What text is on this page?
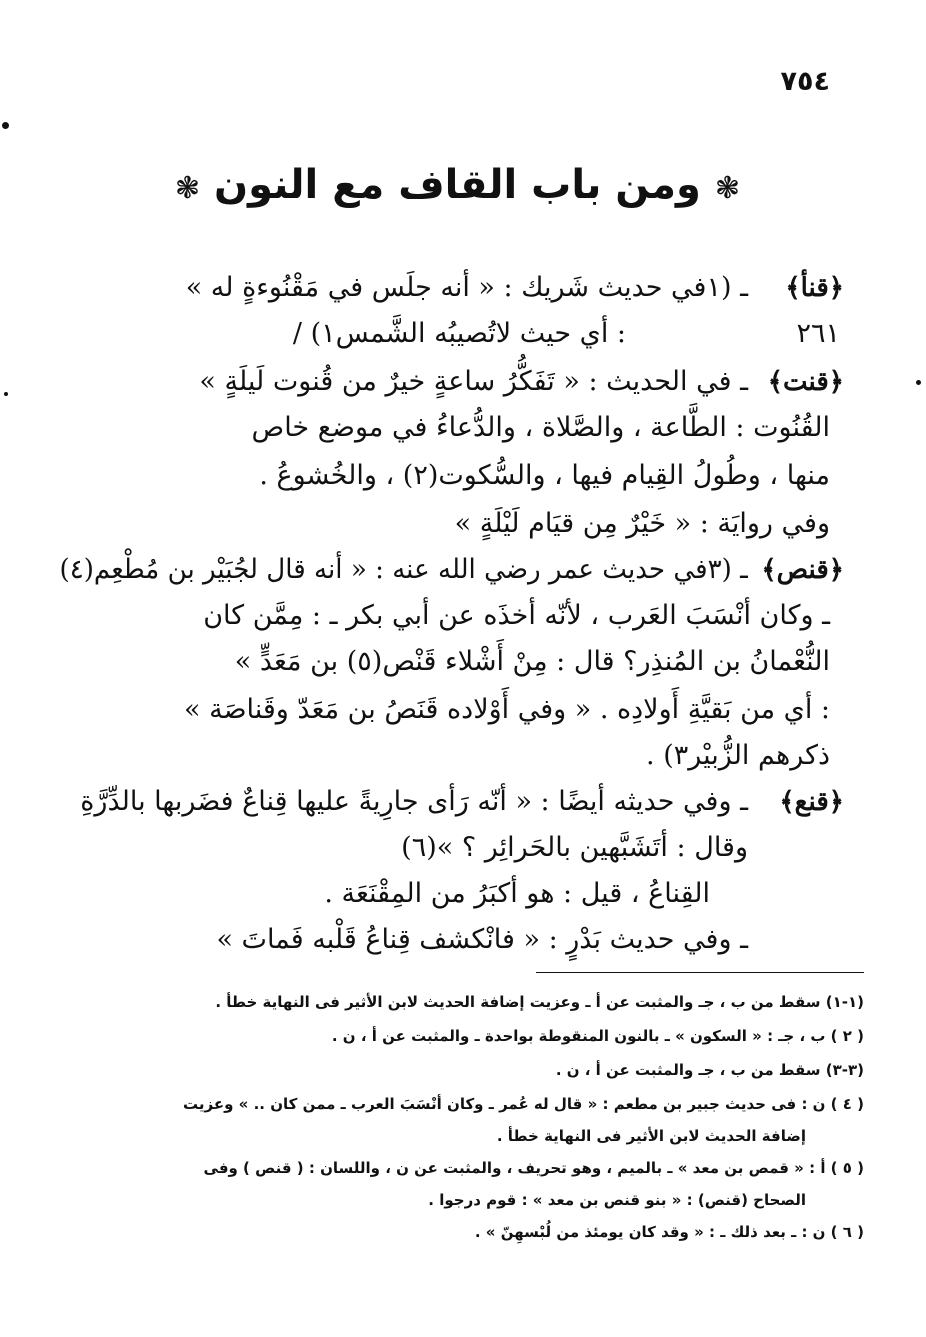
٧٥٤
❃ ومن باب القاف مع النون ❃
﴿قنأ﴾
ـ (١في حديث شَريك : « أنه جلَس في مَقْنُوءةٍ له »
: أي حيث لاتُصيبُه الشَّمس١) /	٢٦١
﴿قنت﴾
ـ في الحديث : « تَفَكُّرُ ساعةٍ خيرٌ من قُنوت لَيلَةٍ »
القُنُوت : الطَّاعة ، والصَّلاة ، والدُّعاءُ في موضع خاص
منها ، وطُولُ القِيام فيها ، والسُّكوت(٢) ، والخُشوعُ .
وفي روايَة : « خَيْرٌ مِن قيَام لَيْلَةٍ »
﴿قنص﴾
ـ (٣في حديث عمر رضي الله عنه : « أنه قال لجُبَيْر بن مُطْعِم(٤)
ـ وكان أنْسَبَ العَرب ، لأنّه أخذَه عن أبي بكر ـ : مِمَّن كان
النُّعْمانُ بن المُنذِر؟ قال : مِنْ أَشْلاء قَنْص(٥) بن مَعَدٍّ »
: أي من بَقيَّةِ أَولادِه . « وفي أَوْلاده قَنَصُ بن مَعَدّ وقَناصَة »
ذكرهم الزُّبيْر٣) .
﴿قنع﴾
ـ وفي حديثه أيضًا : « أنّه رَأى جارِيةً عليها قِناعٌ فضَربها بالدِّرَّةِ
وقال : أتَشَبَّهين بالحَرائِر ؟ »(٦)
القِناعُ ، قيل : هو أكبَرُ من المِقْنَعَة .
ـ وفي حديث بَدْرٍ : « فانْكشف قِناعُ قَلْبه فَماتَ »
(١-١) سقط من ب ، جـ والمثبت عن أ ـ وعزيت إضافة الحديث لابن الأثير فى النهاية خطأ .
( ٢ ) ب ، جـ : « السكون » ـ بالنون المنقوطة بواحدة ـ والمثبت عن أ ، ن .
(٣-٣) سقط من ب ، جـ والمثبت عن أ ، ن .
( ٤ ) ن : فى حديث جبير بن مطعم : « قال له عُمر ـ وكان أنْسَبَ العرب ـ ممن كان .. » وعزيت
إضافة الحديث لابن الأثير فى النهاية خطأ .
( ٥ ) أ : « قمص بن معد » ـ بالميم ، وهو تحريف ، والمثبت عن ن ، واللسان : ( قنص ) وفى
الصحاح (قنص) : « بنو قنص بن معد » : قوم درجوا .
( ٦ ) ن : ـ بعد ذلك ـ : « وقد كان يومئذ من لُبْسهِنّ » .
